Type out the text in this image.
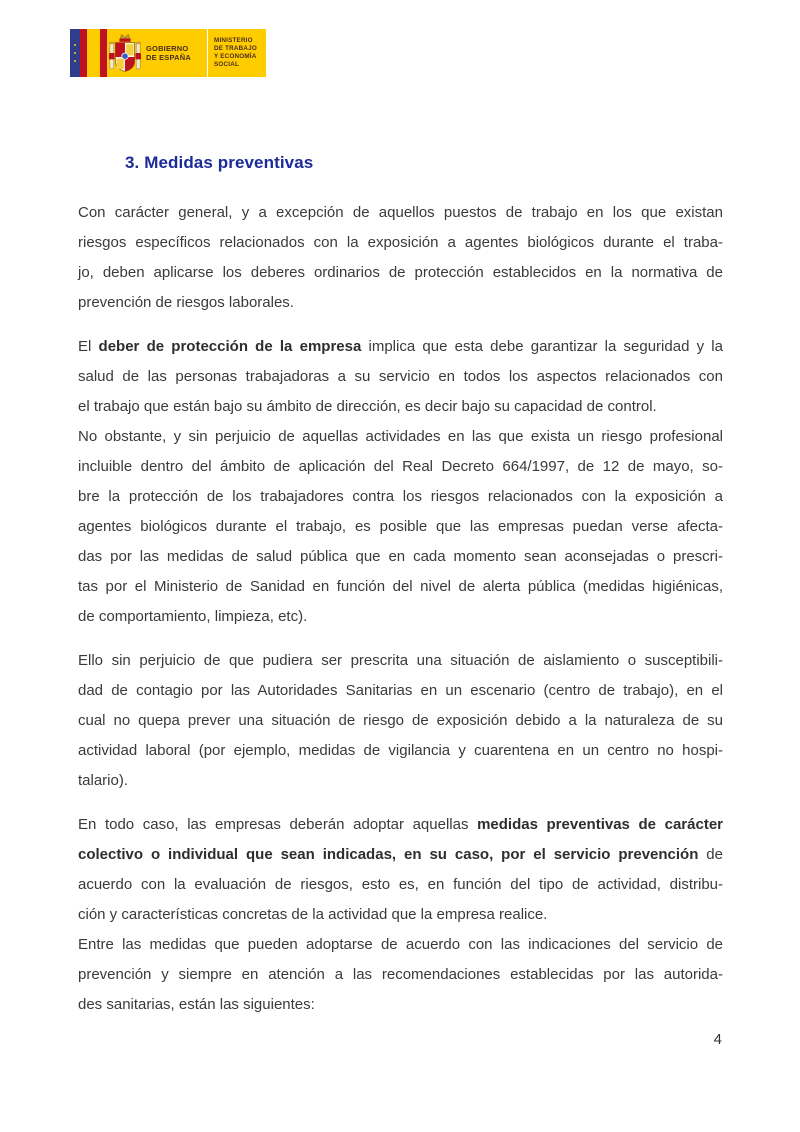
GOBIERNO
DE ESPAÑA
MINISTERIO
DE TRABAJO
Y ECONOMÍA SOCIAL
3. Medidas preventivas

Con carácter general, y a excepción de aquellos puestos de trabajo en los que existan
riesgos específicos relacionados con la exposición a agentes biológicos durante el traba-
jo, deben aplicarse los deberes ordinarios de protección establecidos en la normativa de
prevención de riesgos laborales.

El deber de protección de la empresa implica que esta debe garantizar la seguridad y la
salud de las personas trabajadoras a su servicio en todos los aspectos relacionados con
el trabajo que están bajo su ámbito de dirección, es decir bajo su capacidad de control.

No obstante, y sin perjuicio de aquellas actividades en las que exista un riesgo profesional
incluible dentro del ámbito de aplicación del Real Decreto 664/1997, de 12 de mayo, so-
bre la protección de los trabajadores contra los riesgos relacionados con la exposición a
agentes biológicos durante el trabajo, es posible que las empresas puedan verse afecta-
das por las medidas de salud pública que en cada momento sean aconsejadas o prescri-
tas por el Ministerio de Sanidad en función del nivel de alerta pública (medidas higiénicas,
de comportamiento, limpieza, etc).

Ello sin perjuicio de que pudiera ser prescrita una situación de aislamiento o susceptibili-
dad de contagio por las Autoridades Sanitarias en un escenario (centro de trabajo), en el
cual no quepa prever una situación de riesgo de exposición debido a la naturaleza de su
actividad laboral (por ejemplo, medidas de vigilancia y cuarentena en un centro no hospi-
talario).

En todo caso, las empresas deberán adoptar aquellas medidas preventivas de carácter
colectivo o individual que sean indicadas, en su caso, por el servicio prevención de
acuerdo con la evaluación de riesgos, esto es, en función del tipo de actividad, distribu-
ción y características concretas de la actividad que la empresa realice.

Entre las medidas que pueden adoptarse de acuerdo con las indicaciones del servicio de
prevención y siempre en atención a las recomendaciones establecidas por las autorida-
des sanitarias, están las siguientes:

4
